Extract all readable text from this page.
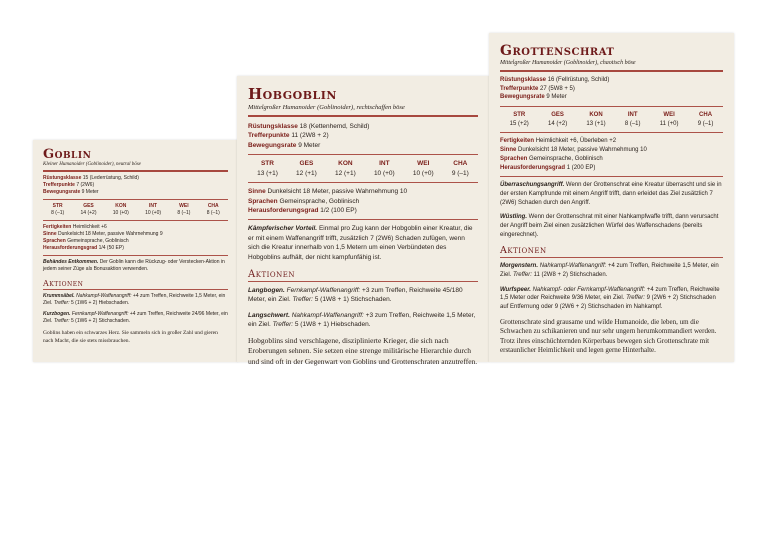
Goblin
Kleiner Humanoider (Goblinoider), neutral böse

Rüstungsklasse 15 (Lederrüstung, Schild)

Trefferpunkte 7 (2W6)

Bewegungsrate 9 Meter

STR
8 (–1)
GES
14 (+2)
KON
10 (+0)
INT
10 (+0)
WEI
8 (–1)
CHA
8 (–1)

Fertigkeiten Heimlichkeit +6

Sinne Dunkelsicht 18 Meter, passive Wahrnehmung 9

Sprachen Gemeinsprache, Goblinisch

Herausforderungsgrad 1/4 (50 EP)

Behändes Entkommen. Der Goblin kann die Rückzug- oder Verstecken-Aktion in jedem seiner Züge als Bonusaktion verwenden.

Aktionen

Krummsäbel. Nahkampf-Waffenangriff: +4 zum Treffen, Reichweite 1,5 Meter, ein Ziel. Treffer: 5 (1W6 + 2) Hiebschaden.

Kurzbogen. Fernkampf-Waffenangriff: +4 zum Treffen, Reichweite 24/96 Meter, ein Ziel. Treffer: 5 (1W6 + 2) Stichschaden.

Goblins haben ein schwarzes Herz. Sie sammeln sich in großer Zahl und gieren nach Macht, die sie stets missbrauchen.

Hobgoblin
Mittelgroßer Humanoider (Goblinoider), rechtschaffen böse

Rüstungsklasse 18 (Kettenhemd, Schild)

Trefferpunkte 11 (2W8 + 2)

Bewegungsrate 9 Meter

STR
13 (+1)
GES
12 (+1)
KON
12 (+1)
INT
10 (+0)
WEI
10 (+0)
CHA
9 (–1)

Sinne Dunkelsicht 18 Meter, passive Wahrnehmung 10

Sprachen Gemeinsprache, Goblinisch

Herausforderungsgrad 1/2 (100 EP)

Kämpferischer Vorteil. Einmal pro Zug kann der Hobgoblin einer Kreatur, die er mit einem Waffenangriff trifft, zusätzlich 7 (2W6) Schaden zufügen, wenn sich die Kreatur innerhalb von 1,5 Metern um einen Verbündeten des Hobgoblins aufhält, der nicht kampfunfähig ist.

Aktionen

Langbogen. Fernkampf-Waffenangriff: +3 zum Treffen, Reichweite 45/180 Meter, ein Ziel. Treffer: 5 (1W8 + 1) Stichschaden.

Langschwert. Nahkampf-Waffenangriff: +3 zum Treffen, Reichweite 1,5 Meter, ein Ziel. Treffer: 5 (1W8 + 1) Hiebschaden.

Hobgoblins sind verschlagene, disziplinierte Krieger, die sich nach Eroberungen sehnen. Sie setzen eine strenge militärische Hierarchie durch und sind oft in der Gegenwart von Goblins und Grottenschraten anzutreffen.

Grottenschrat
Mittelgroßer Humanoider (Goblinoider), chaotisch böse

Rüstungsklasse 16 (Fellrüstung, Schild)

Trefferpunkte 27 (5W8 + 5)

Bewegungsrate 9 Meter

STR
15 (+2)
GES
14 (+2)
KON
13 (+1)
INT
8 (–1)
WEI
11 (+0)
CHA
9 (–1)

Fertigkeiten Heimlichkeit +6, Überleben +2

Sinne Dunkelsicht 18 Meter, passive Wahrnehmung 10

Sprachen Gemeinsprache, Goblinisch

Herausforderungsgrad 1 (200 EP)

Überraschungsangriff. Wenn der Grottenschrat eine Kreatur überrascht und sie in der ersten Kampfrunde mit einem Angriff trifft, dann erleidet das Ziel zusätzlich 7 (2W6) Schaden durch den Angriff.

Wüstling. Wenn der Grottenschrat mit einer Nahkampfwaffe trifft, dann verursacht der Angriff beim Ziel einen zusätzlichen Würfel des Waffenschadens (bereits eingerechnet).

Aktionen

Morgenstern. Nahkampf-Waffenangriff: +4 zum Treffen, Reichweite 1,5 Meter, ein Ziel. Treffer: 11 (2W8 + 2) Stichschaden.

Wurfspeer. Nahkampf- oder Fernkampf-Waffenangriff: +4 zum Treffen, Reichweite 1,5 Meter oder Reichweite 9/36 Meter, ein Ziel. Treffer: 9 (2W6 + 2) Stichschaden auf Entfernung oder 9 (2W6 + 2) Stichschaden im Nahkampf.

Grottenschrate sind grausame und wilde Humanoide, die leben, um die Schwachen zu schikanieren und nur sehr ungern herumkommandiert werden. Trotz ihres einschüchternden Körperbaus bewegen sich Grottenschrate mit erstaunlicher Heimlichkeit und legen gerne Hinterhalte.
